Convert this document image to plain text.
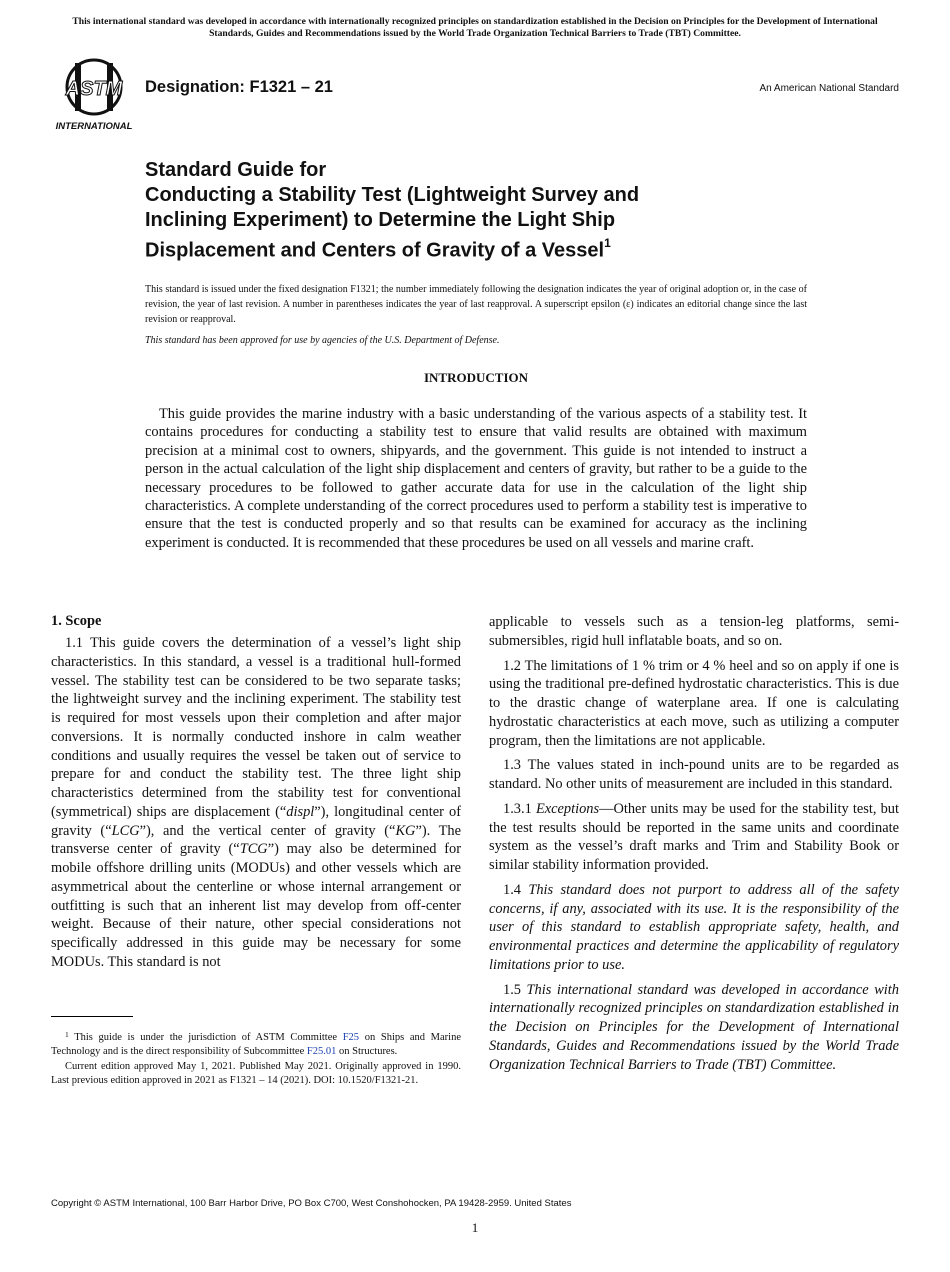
This international standard was developed in accordance with internationally recognized principles on standardization established in the Decision on Principles for the Development of International Standards, Guides and Recommendations issued by the World Trade Organization Technical Barriers to Trade (TBT) Committee.
ASTM
INTERNATIONAL
Designation: F1321 – 21	An American National Standard
Standard Guide for
Conducting a Stability Test (Lightweight Survey and
Inclining Experiment) to Determine the Light Ship
Displacement and Centers of Gravity of a Vessel$^1$
This standard is issued under the fixed designation F1321; the number immediately following the designation indicates the year of original adoption or, in the case of revision, the year of last revision. A number in parentheses indicates the year of last reapproval. A superscript epsilon (ε) indicates an editorial change since the last revision or reapproval.
This standard has been approved for use by agencies of the U.S. Department of Defense.
INTRODUCTION
This guide provides the marine industry with a basic understanding of the various aspects of a stability test. It contains procedures for conducting a stability test to ensure that valid results are obtained with maximum precision at a minimal cost to owners, shipyards, and the government. This guide is not intended to instruct a person in the actual calculation of the light ship displacement and centers of gravity, but rather to be a guide to the necessary procedures to be followed to gather accurate data for use in the calculation of the light ship characteristics. A complete understanding of the correct procedures used to perform a stability test is imperative to ensure that the test is conducted properly and so that results can be examined for accuracy as the inclining experiment is conducted. It is recommended that these procedures be used on all vessels and marine craft.
1. Scope

1.1 This guide covers the determination of a vessel’s light ship characteristics. In this standard, a vessel is a traditional hull-formed vessel. The stability test can be considered to be two separate tasks; the lightweight survey and the inclining experiment. The stability test is required for most vessels upon their completion and after major conversions. It is normally conducted inshore in calm weather conditions and usually requires the vessel be taken out of service to prepare for and conduct the stability test. The three light ship characteristics determined from the stability test for conventional (symmetrical) ships are displacement (“displ”), longitudinal center of gravity (“LCG”), and the vertical center of gravity (“KG”). The transverse center of gravity (“TCG”) may also be determined for mobile offshore drilling units (MODUs) and other vessels which are asymmetrical about the centerline or whose internal arrangement or outfitting is such that an inherent list may develop from off-center weight. Because of their nature, other special considerations not specifically addressed in this guide may be necessary for some MODUs. This standard is not

$^1$ This guide is under the jurisdiction of ASTM Committee F25 on Ships and Marine Technology and is the direct responsibility of Subcommittee F25.01 on Structures.

Current edition approved May 1, 2021. Published May 2021. Originally approved in 1990. Last previous edition approved in 2021 as F1321 – 14 (2021). DOI: 10.1520/F1321-21.

applicable to vessels such as a tension-leg platforms, semi-submersibles, rigid hull inflatable boats, and so on.

1.2 The limitations of 1 % trim or 4 % heel and so on apply if one is using the traditional pre-defined hydrostatic characteristics. This is due to the drastic change of waterplane area. If one is calculating hydrostatic characteristics at each move, such as utilizing a computer program, then the limitations are not applicable.

1.3 The values stated in inch-pound units are to be regarded as standard. No other units of measurement are included in this standard.

1.3.1 Exceptions—Other units may be used for the stability test, but the test results should be reported in the same units and coordinate system as the vessel’s draft marks and Trim and Stability Book or similar stability information provided.

1.4 This standard does not purport to address all of the safety concerns, if any, associated with its use. It is the responsibility of the user of this standard to establish appropriate safety, health, and environmental practices and determine the applicability of regulatory limitations prior to use.

1.5 This international standard was developed in accordance with internationally recognized principles on standardization established in the Decision on Principles for the Development of International Standards, Guides and Recommendations issued by the World Trade Organization Technical Barriers to Trade (TBT) Committee.

Copyright © ASTM International, 100 Barr Harbor Drive, PO Box C700, West Conshohocken, PA 19428-2959. United States
1
